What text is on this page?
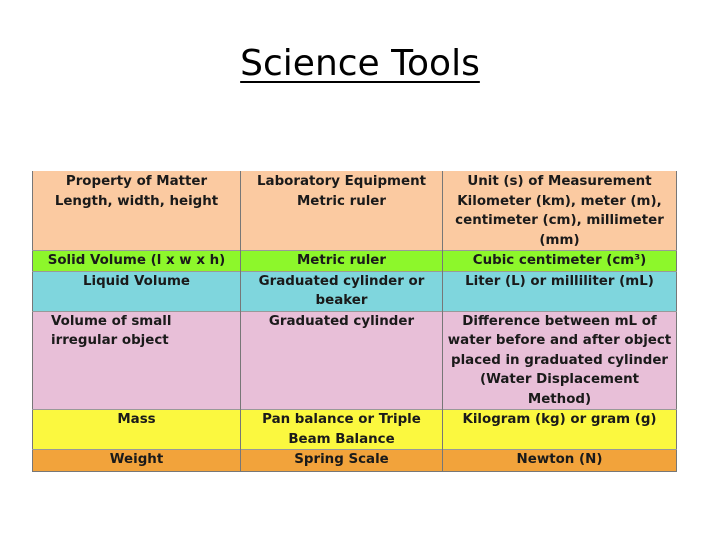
Science Tools
Property of Matter	Laboratory Equipment	Unit (s) of Measurement
Length, width, height	Metric ruler	Kilometer (km), meter (m), centimeter (cm), millimeter (mm)
Solid Volume (l x w x h)	Metric ruler	Cubic centimeter (cm³)
Liquid Volume	Graduated cylinder or beaker	Liter (L) or milliliter (mL)
Volume of small irregular object	Graduated cylinder	Difference between mL of water before and after object placed in graduated cylinder (Water Displacement Method)
Mass	Pan balance or Triple Beam Balance	Kilogram (kg) or gram (g)
Weight	Spring Scale	Newton (N)
